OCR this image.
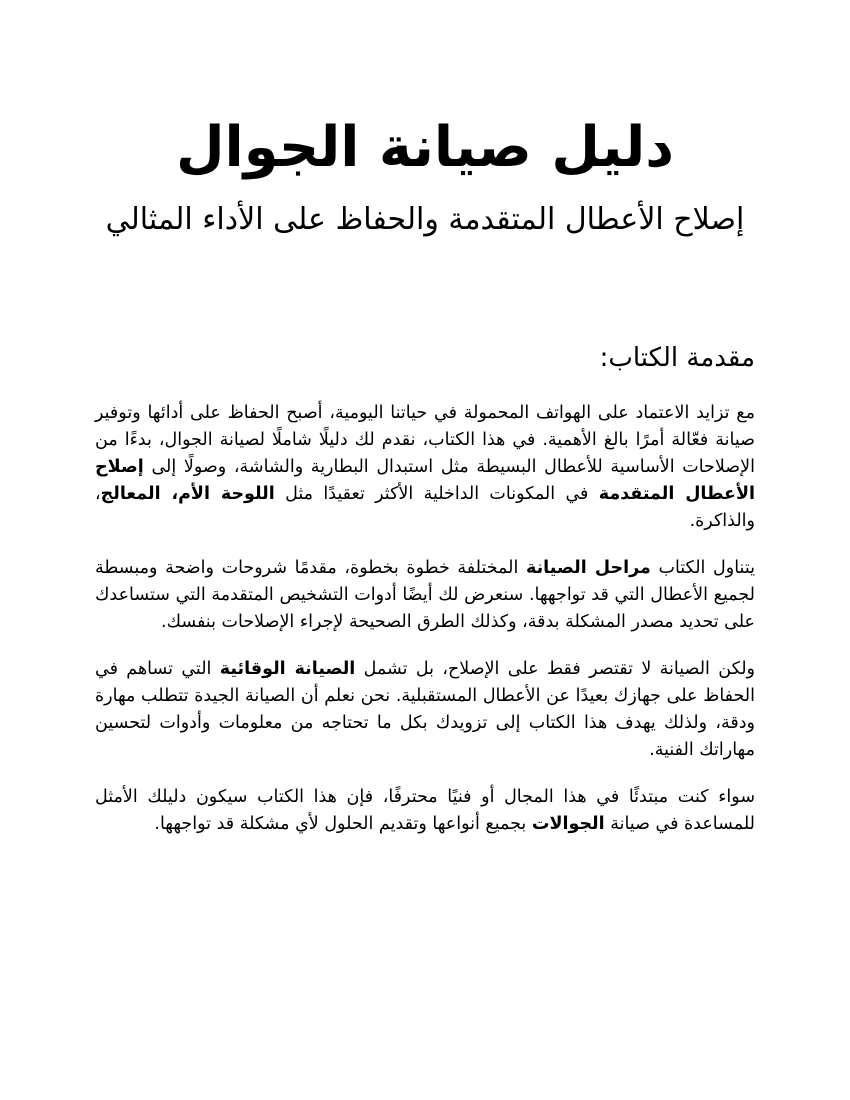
دليل صيانة الجوال
إصلاح الأعطال المتقدمة والحفاظ على الأداء المثالي
مقدمة الكتاب:

مع تزايد الاعتماد على الهواتف المحمولة في حياتنا اليومية، أصبح الحفاظ على أدائها وتوفير صيانة فعّالة أمرًا بالغ الأهمية. في هذا الكتاب، نقدم لك دليلًا شاملًا لصيانة الجوال، بدءًا من الإصلاحات الأساسية للأعطال البسيطة مثل استبدال البطارية والشاشة، وصولًا إلى إصلاح الأعطال المتقدمة في المكونات الداخلية الأكثر تعقيدًا مثل اللوحة الأم، المعالج، والذاكرة.

يتناول الكتاب مراحل الصيانة المختلفة خطوة بخطوة، مقدمًا شروحات واضحة ومبسطة لجميع الأعطال التي قد تواجهها. سنعرض لك أيضًا أدوات التشخيص المتقدمة التي ستساعدك على تحديد مصدر المشكلة بدقة، وكذلك الطرق الصحيحة لإجراء الإصلاحات بنفسك.

ولكن الصيانة لا تقتصر فقط على الإصلاح، بل تشمل الصيانة الوقائية التي تساهم في الحفاظ على جهازك بعيدًا عن الأعطال المستقبلية. نحن نعلم أن الصيانة الجيدة تتطلب مهارة ودقة، ولذلك يهدف هذا الكتاب إلى تزويدك بكل ما تحتاجه من معلومات وأدوات لتحسين مهاراتك الفنية.

سواء كنت مبتدئًا في هذا المجال أو فنيًا محترفًا، فإن هذا الكتاب سيكون دليلك الأمثل للمساعدة في صيانة الجوالات بجميع أنواعها وتقديم الحلول لأي مشكلة قد تواجهها.
